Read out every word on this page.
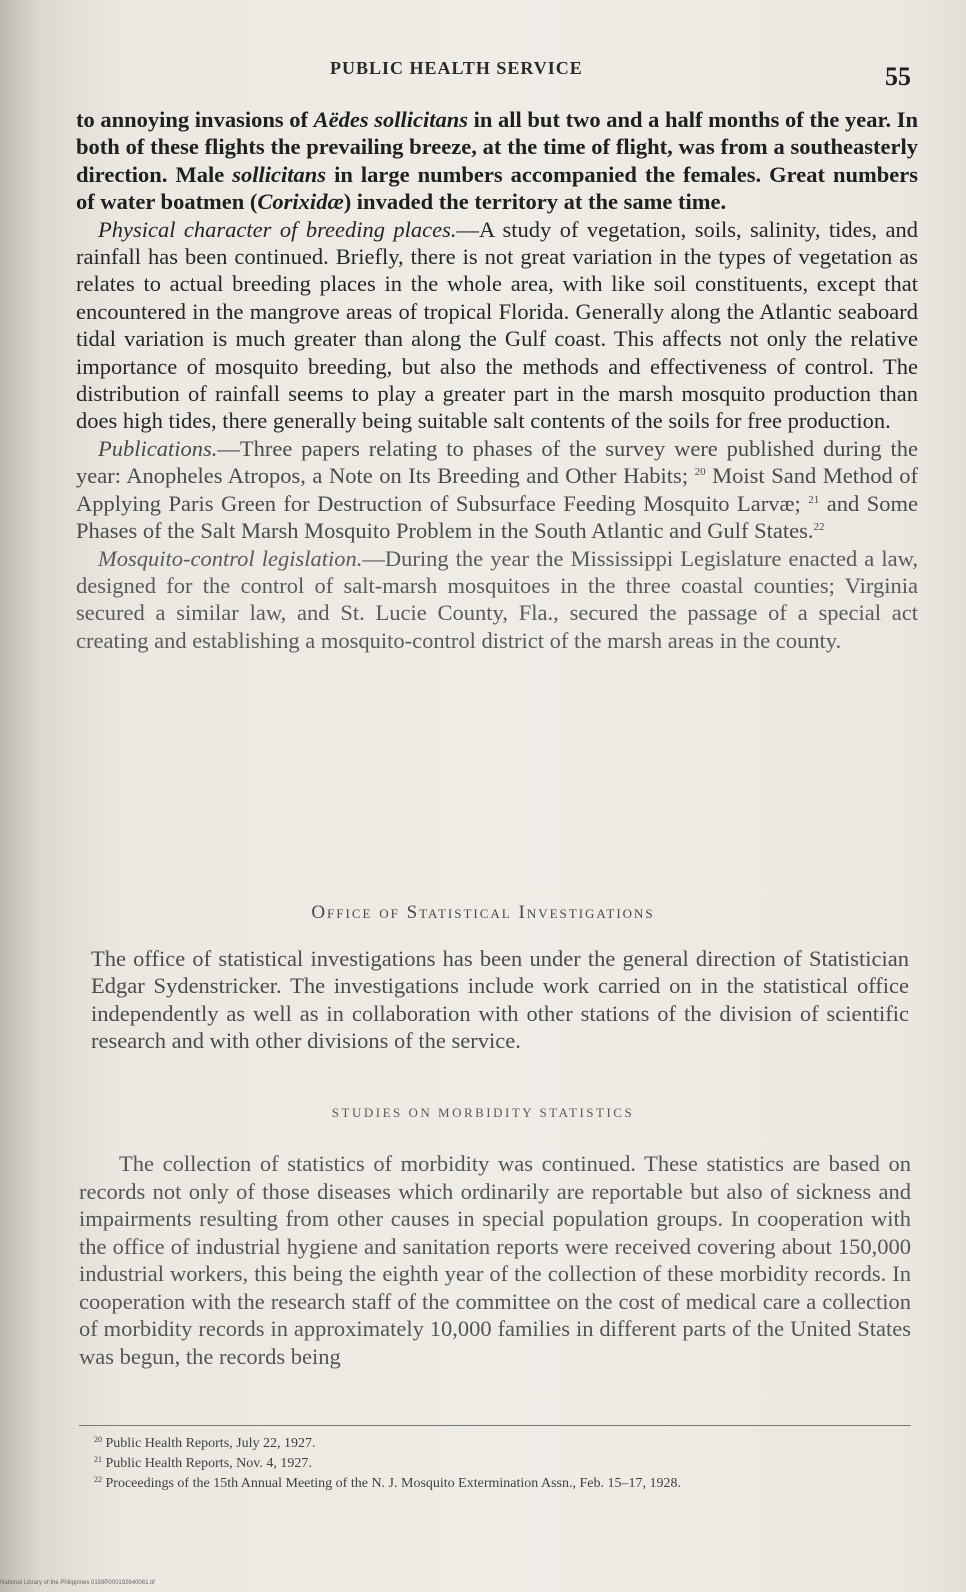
PUBLIC HEALTH SERVICE	55

to annoying invasions of Aëdes sollicitans in all but two and a half months of the year. In both of these flights the prevailing breeze, at the time of flight, was from a southeasterly direction. Male sollicitans in large numbers accompanied the females. Great numbers of water boatmen (Corixidæ) invaded the territory at the same time.

Physical character of breeding places.—A study of vegetation, soils, salinity, tides, and rainfall has been continued. Briefly, there is not great variation in the types of vegetation as relates to actual breeding places in the whole area, with like soil constituents, except that encountered in the mangrove areas of tropical Florida. Generally along the Atlantic seaboard tidal variation is much greater than along the Gulf coast. This affects not only the relative importance of mosquito breeding, but also the methods and effectiveness of control. The distribution of rainfall seems to play a greater part in the marsh mosquito production than does high tides, there generally being suitable salt contents of the soils for free production.

Publications.—Three papers relating to phases of the survey were published during the year: Anopheles Atropos, a Note on Its Breeding and Other Habits; $^{20}$ Moist Sand Method of Applying Paris Green for Destruction of Subsurface Feeding Mosquito Larvæ; $^{21}$ and Some Phases of the Salt Marsh Mosquito Problem in the South Atlantic and Gulf States.$^{22}$

Mosquito-control legislation.—During the year the Mississippi Legislature enacted a law, designed for the control of salt-marsh mosquitoes in the three coastal counties; Virginia secured a similar law, and St. Lucie County, Fla., secured the passage of a special act creating and establishing a mosquito-control district of the marsh areas in the county.

Office of Statistical Investigations
The office of statistical investigations has been under the general direction of Statistician Edgar Sydenstricker. The investigations include work carried on in the statistical office independently as well as in collaboration with other stations of the division of scientific research and with other divisions of the service.
STUDIES ON MORBIDITY STATISTICS

The collection of statistics of morbidity was continued. These statistics are based on records not only of those diseases which ordinarily are reportable but also of sickness and impairments resulting from other causes in special population groups. In cooperation with the office of industrial hygiene and sanitation reports were received covering about 150,000 industrial workers, this being the eighth year of the collection of these morbidity records. In cooperation with the research staff of the committee on the cost of medical care a collection of morbidity records in approximately 10,000 families in different parts of the United States was begun, the records being

$^{20}$ Public Health Reports, July 22, 1927.
$^{21}$ Public Health Reports, Nov. 4, 1927.
$^{22}$ Proceedings of the 15th Annual Meeting of the N. J. Mosquito Extermination Assn., Feb. 15–17, 1928.
National Library of the Philippines 0159P000192640061.tif
